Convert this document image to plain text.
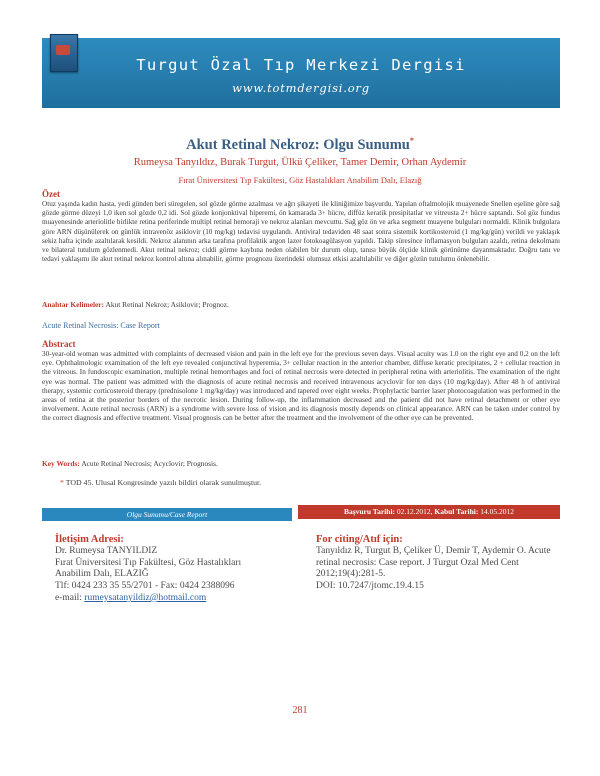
Turgut Özal Tıp Merkezi Dergisi
www.totmdergisi.org
Akut Retinal Nekroz: Olgu Sunumu*
Rumeysa Tanyıldız, Burak Turgut, Ülkü Çeliker, Tamer Demir, Orhan Aydemir
Fırat Üniversitesi Tıp Fakültesi, Göz Hastalıkları Anabilim Dalı, Elazığ
Özet
Otuz yaşında kadın hasta, yedi günden beri süregelen, sol gözde görme azalması ve ağrı şikayeti ile kliniğimize başvurdu. Yapılan oftalmolojik muayenede Snellen eşeline göre sağ gözde görme düzeyi 1,0 iken sol gözde 0,2 idi. Sol gözde konjonktival hiperemi, ön kamarada 3+ hücre, diffüz keratik presipitatlar ve vitreusta 2+ hücre saptandı. Sol göz fundus muayenesinde arteriolitle birlikte retina periferinde multipl retinal hemoraji ve nekroz alanları mevcuttu. Sağ göz ön ve arka segment muayene bulguları normaldi. Klinik bulgulara göre ARN düşünülerek on günlük intravenöz asiklovir (10 mg/kg) tedavisi uygulandı. Antiviral tedaviden 48 saat sonra sistemik kortikosteroid (1 mg/kg/gün) verildi ve yaklaşık sekiz hafta içinde azaltılarak kesildi. Nekroz alanının arka tarafına profilaktik argon lazer fotokoagülasyon yapıldı. Takip süresince inflamasyon bulguları azaldı, retina dekolmanı ve bilateral tutulum gözlenmedi. Akut retinal nekroz; ciddi görme kaybına neden olabilen bir durum olup, tanısı büyük ölçüde klinik görünüme dayanmaktadır. Doğru tanı ve tedavi yaklaşımı ile akut retinal nekroz kontrol altına alınabilir, görme prognozu üzerindeki olumsuz etkisi azaltılabilir ve diğer gözün tutulumu önlenebilir.
Anahtar Kelimeler: Akut Retinal Nekroz; Asiklovir; Prognoz.
Acute Retinal Necrosis: Case Report
Abstract
30-year-old woman was admitted with complaints of decreased vision and pain in the left eye for the previous seven days. Visual acuity was 1.0 on the right eye and 0,2 on the left eye. Ophthalmologic examination of the left eye revealed conjunctival hyperemia, 3+ cellular reaction in the anterior chamber, diffuse keratic precipitates, 2 + cellular reaction in the vitreous. In fundoscopic examination, multiple retinal hemorrhages and foci of retinal necrosis were detected in peripheral retina with arteriolitis. The examination of the right eye was normal. The patient was admitted with the diagnosis of acute retinal necrosis and received intravenous acyclovir for ten days (10 mg/kg/day). After 48 h of antiviral therapy, systemic corticosteroid therapy (prednisolone 1 mg/kg/day) was introduced and tapered over eight weeks. Prophylactic barrier laser photocoagulation was performed in the areas of retina at the posterior borders of the necrotic lesion. During follow-up, the inflammation decreased and the patient did not have retinal detachment or other eye involvement. Acute retinal necrosis (ARN) is a syndrome with severe loss of vision and its diagnosis mostly depends on clinical appearance. ARN can be taken under control by the correct diagnosis and effective treatment. Visual prognosis can be better after the treatment and the involvement of the other eye can be prevented.
Key Words: Acute Retinal Necrosis; Acyclovir; Prognosis.
* TOD 45. Ulusal Kongresinde yazılı bildiri olarak sunulmuştur.
Olgu Sunumu/Case Report	Başvuru Tarihi: 02.12.2012, Kabul Tarihi: 14.05.2012
İletişim Adresi:
Dr. Rumeysa TANYILDIZ
Fırat Üniversitesi Tıp Fakültesi, Göz Hastalıkları
Anabilim Dalı, ELAZIĞ
Tlf: 0424 233 35 55/2701 - Fax: 0424 2388096
e-mail: rumeysatanyildiz@hotmail.com
For citing/Atıf için:
Tanyıldız R, Turgut B, Çeliker Ü, Demir T, Aydemir O. Acute retinal necrosis: Case report. J Turgut Ozal Med Cent 2012;19(4):281-5.
DOI: 10.7247/jtomc.19.4.15
281
